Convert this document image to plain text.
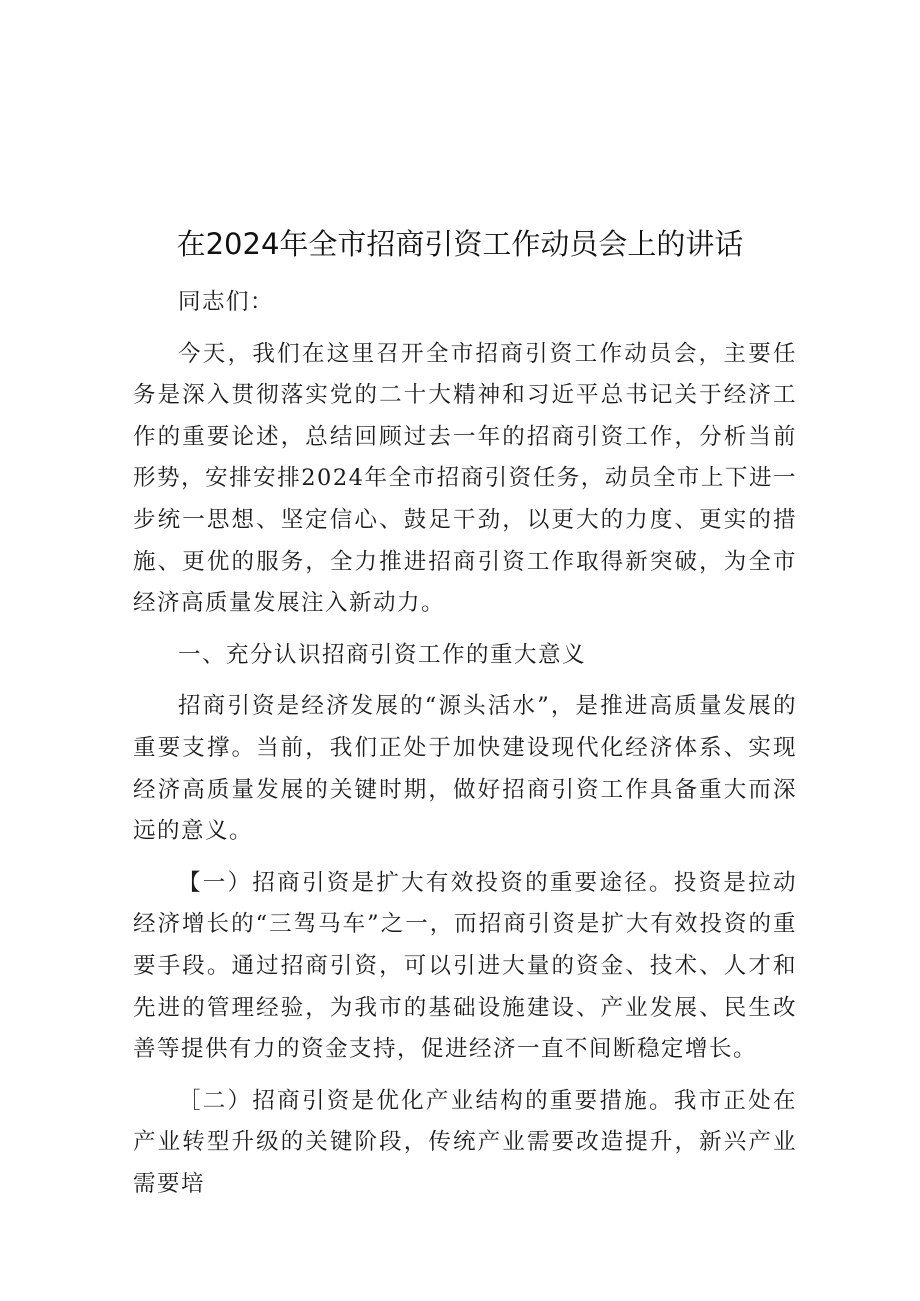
在2024年全市招商引资工作动员会上的讲话

同志们：

今天，我们在这里召开全市招商引资工作动员会，主要任务是深入贯彻落实党的二十大精神和习近平总书记关于经济工作的重要论述，总结回顾过去一年的招商引资工作，分析当前形势，安排安排2024年全市招商引资任务，动员全市上下进一步统一思想、坚定信心、鼓足干劲，以更大的力度、更实的措施、更优的服务，全力推进招商引资工作取得新突破，为全市经济高质量发展注入新动力。

一、充分认识招商引资工作的重大意义

招商引资是经济发展的“源头活水”，是推进高质量发展的重要支撑。当前，我们正处于加快建设现代化经济体系、实现经济高质量发展的关键时期，做好招商引资工作具备重大而深远的意义。

【一）招商引资是扩大有效投资的重要途径。投资是拉动经济增长的“三驾马车”之一，而招商引资是扩大有效投资的重要手段。通过招商引资，可以引进大量的资金、技术、人才和先进的管理经验，为我市的基础设施建设、产业发展、民生改善等提供有力的资金支持，促进经济一直不间断稳定增长。

［二）招商引资是优化产业结构的重要措施。我市正处在产业转型升级的关键阶段，传统产业需要改造提升，新兴产业需要培
